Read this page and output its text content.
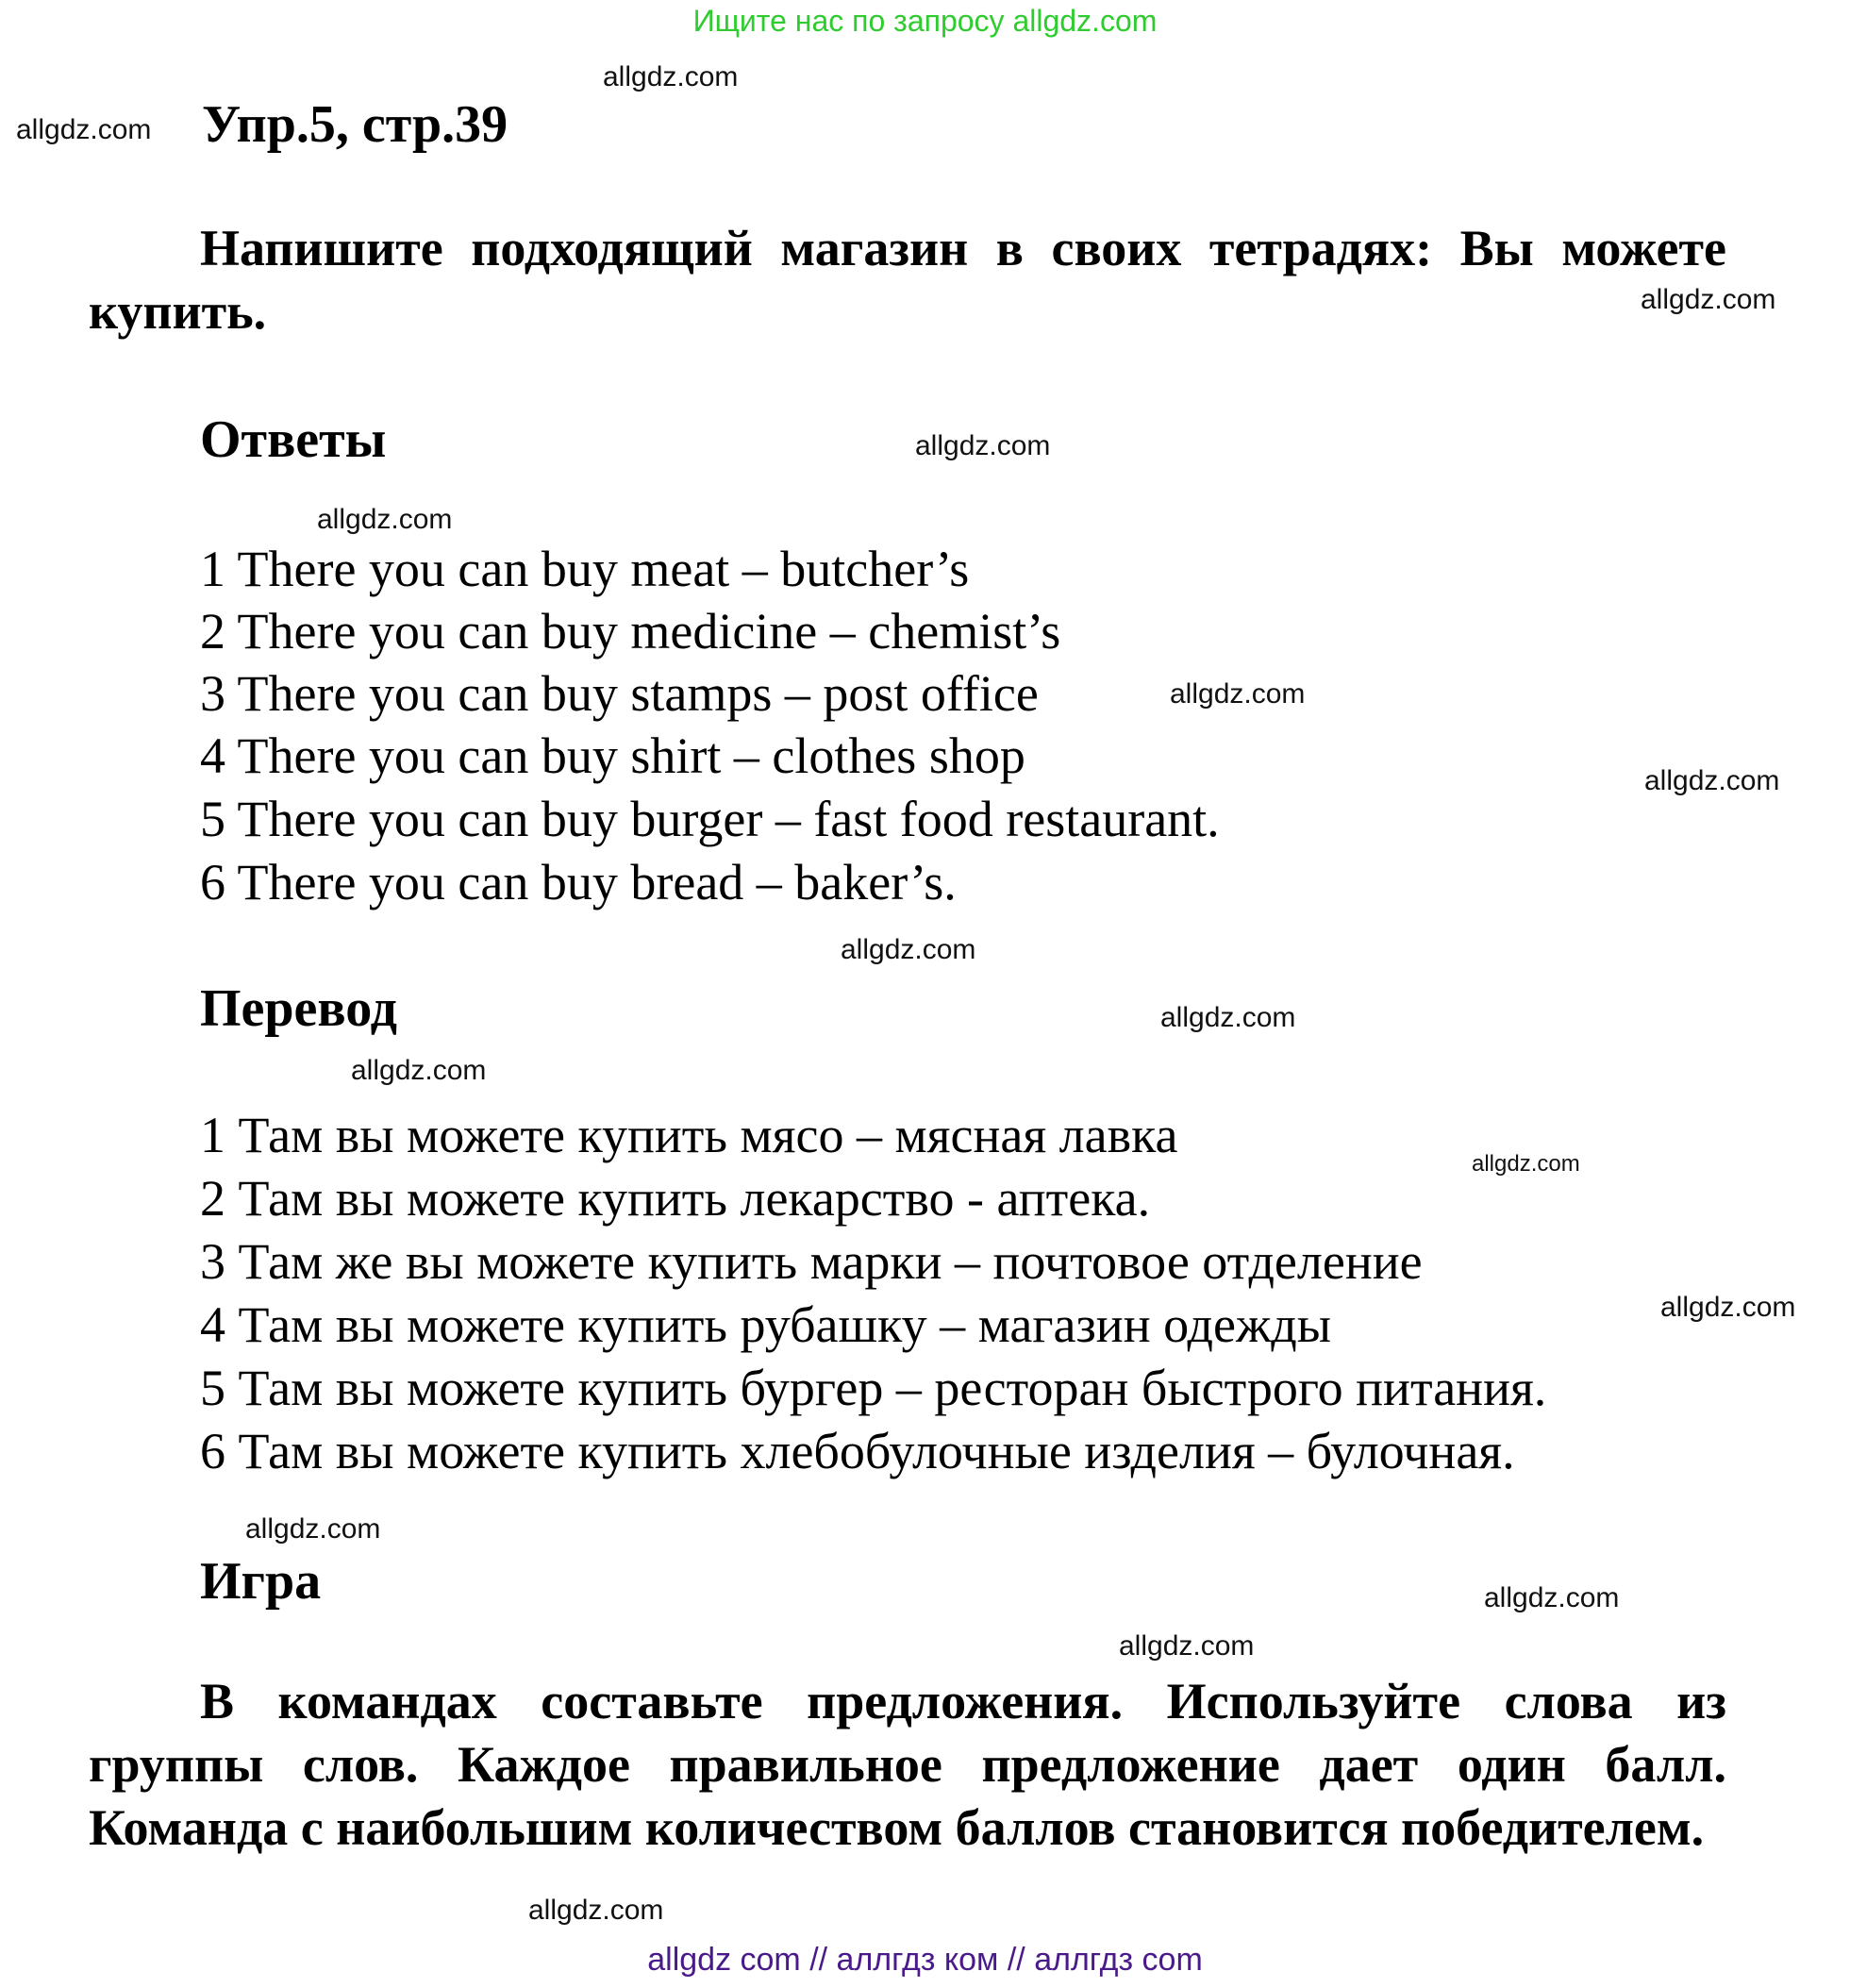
Ищите нас по запросу allgdz.com
Упр.5, стр.39
Напишите подходящий магазин в своих тетрадях: Вы можете купить.
Ответы
1 There you can buy meat – butcher’s
2 There you can buy medicine – chemist’s
3 There you can buy stamps – post office
4 There you can buy shirt – clothes shop
5 There you can buy burger – fast food restaurant.
6 There you can buy bread – baker’s.
Перевод
1 Там вы можете купить мясо – мясная лавка
2 Там вы можете купить лекарство - аптека.
3 Там же вы можете купить марки – почтовое отделение
4 Там вы можете купить рубашку – магазин одежды
5 Там вы можете купить бургер – ресторан быстрого питания.
6 Там вы можете купить хлебобулочные изделия – булочная.
Игра
В командах составьте предложения. Используйте слова из группы слов. Каждое правильное предложение дает один балл. Команда с наибольшим количеством баллов становится победителем.
allgdz.com
allgdz.com
allgdz.com
allgdz.com
allgdz.com
allgdz.com
allgdz.com
allgdz.com
allgdz.com
allgdz.com
allgdz.com
allgdz.com
allgdz.com
allgdz.com
allgdz.com
allgdz.com
allgdz com // аллгдз ком // аллгдз com
